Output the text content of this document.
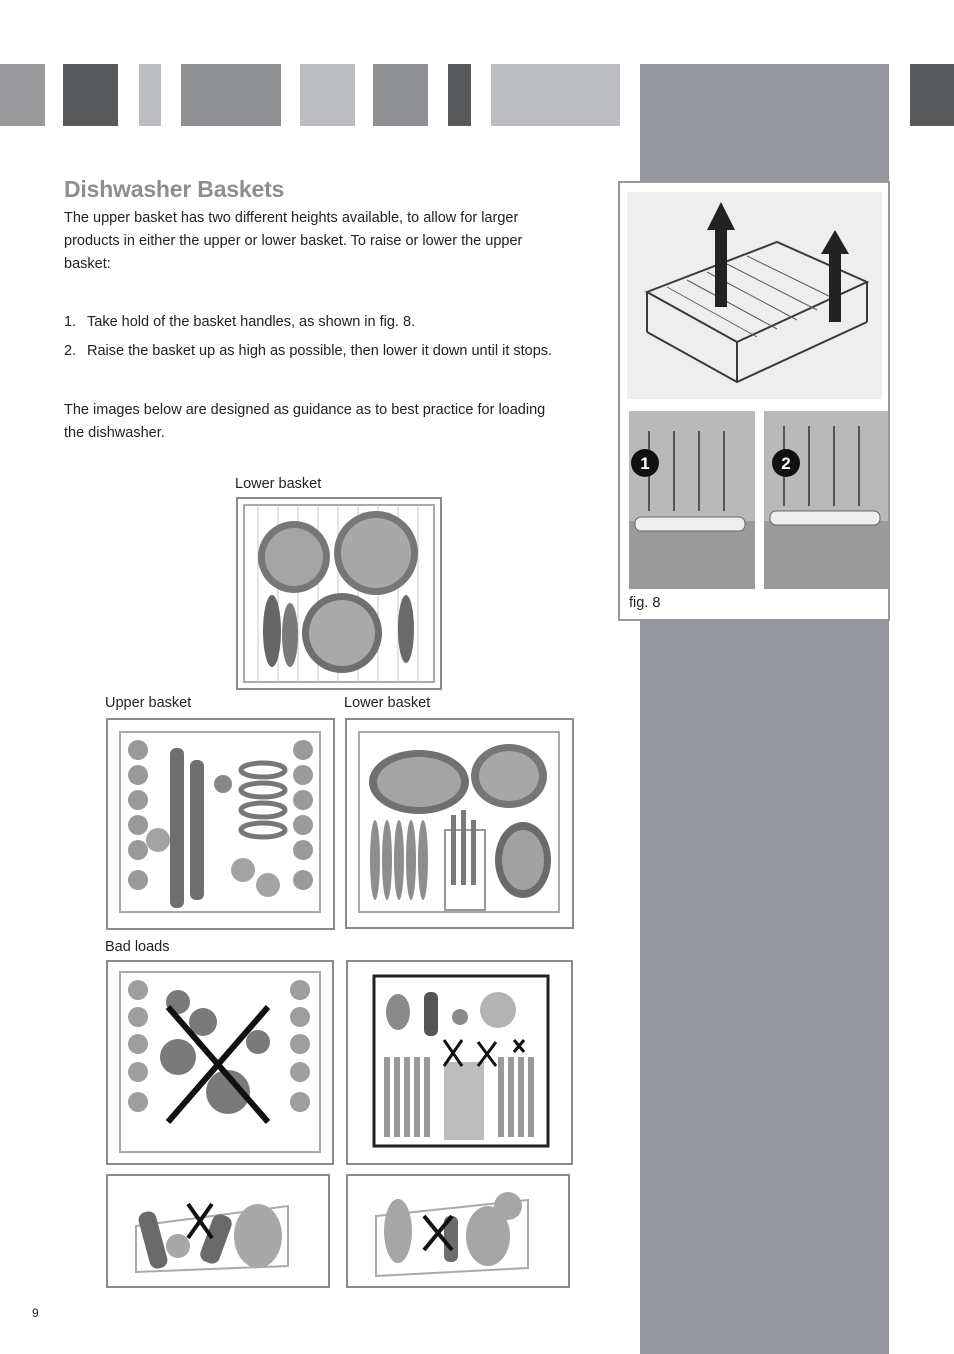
Dishwasher Baskets

The upper basket has two different heights available, to allow for larger products in either the upper or lower basket. To raise or lower the upper basket:

1. Take hold of the basket handles, as shown in fig. 8.
2. Raise the basket up as high as possible, then lower it down until it stops.

The images below are designed as guidance as to best practice for loading the dishwasher.

Lower basket
Upper basket	Lower basket
Bad loads
1	2
fig. 8
9
